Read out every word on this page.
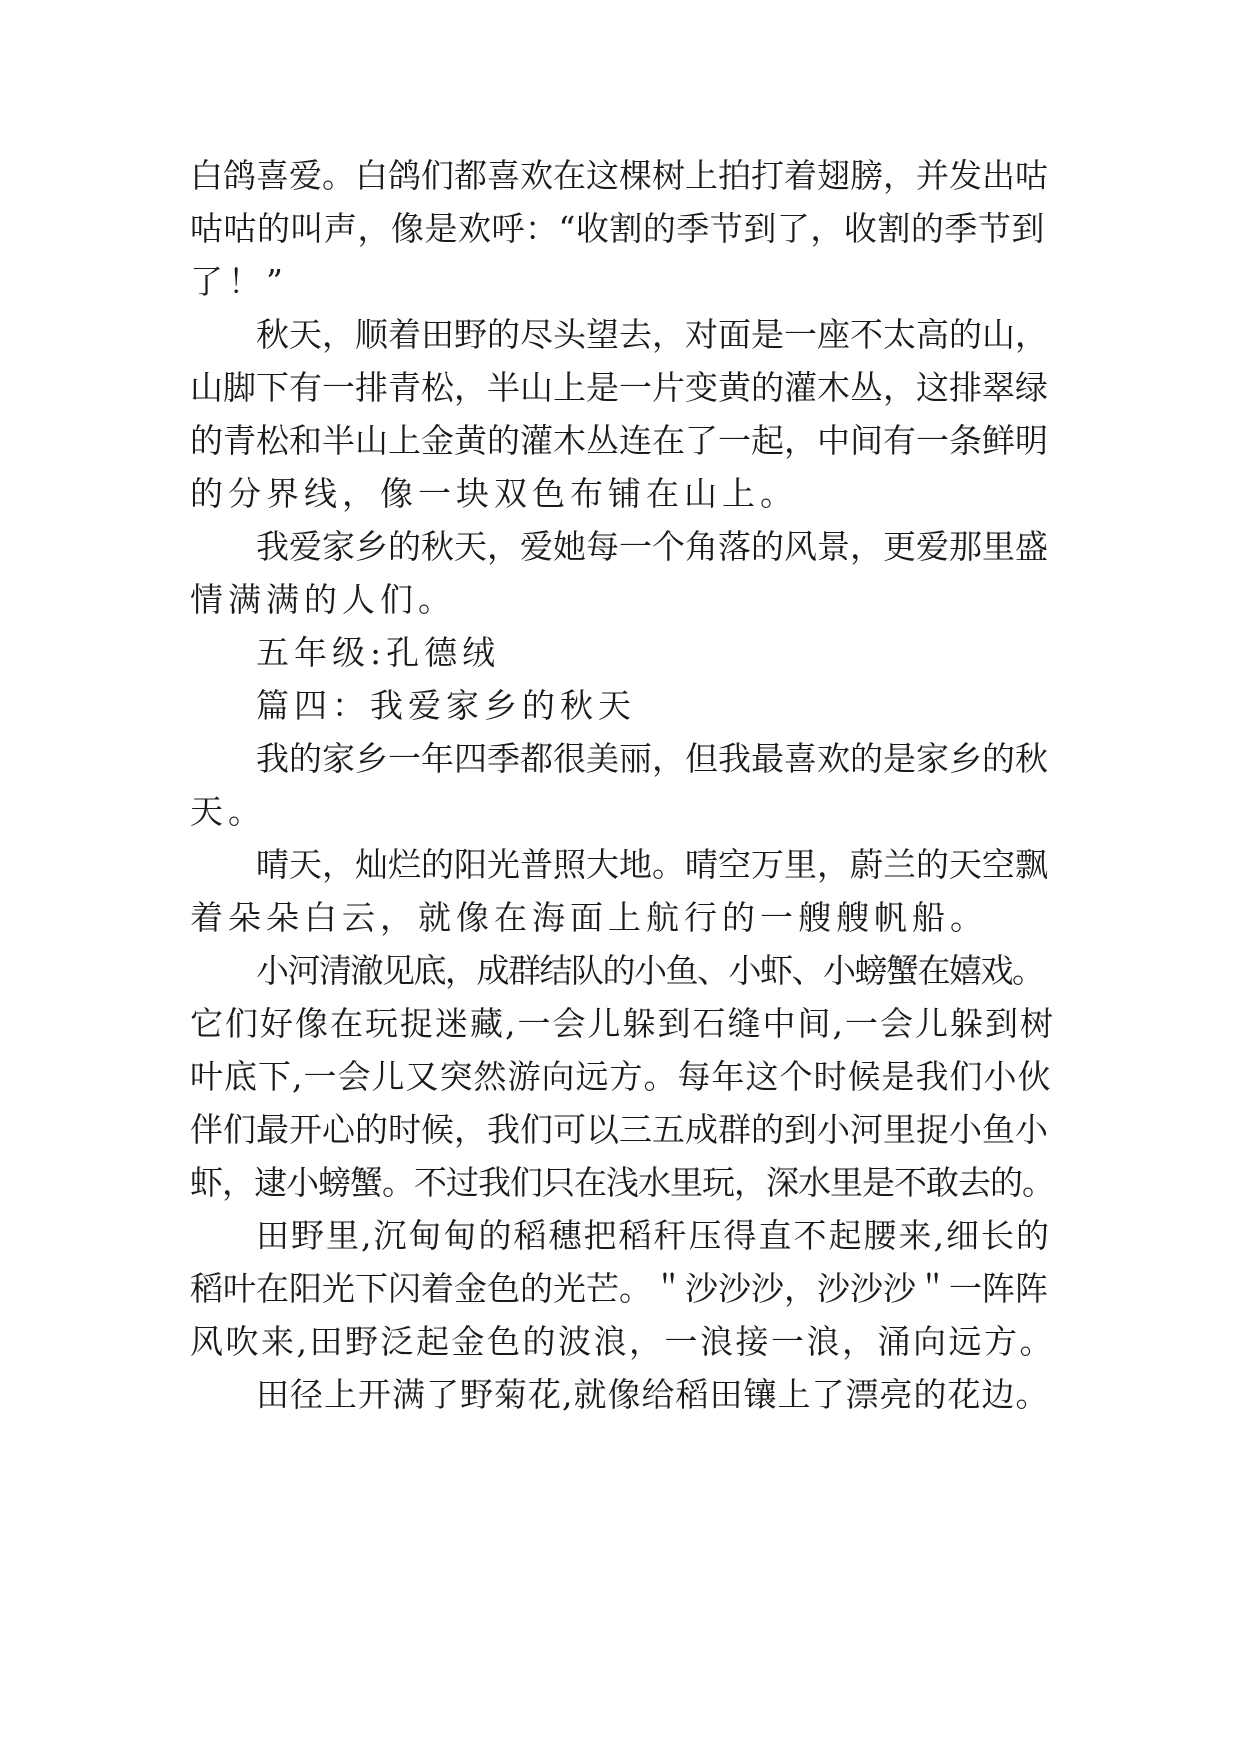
白鸽喜爱。白鸽们都喜欢在这棵树上拍打着翅膀，并发出咕
咕咕的叫声，像是欢呼：“收割的季节到了，收割的季节到
了！”
秋天，顺着田野的尽头望去，对面是一座不太高的山，
山脚下有一排青松，半山上是一片变黄的灌木丛，这排翠绿
的青松和半山上金黄的灌木丛连在了一起，中间有一条鲜明
的分界线，像一块双色布铺在山上。
我爱家乡的秋天，爱她每一个角落的风景，更爱那里盛
情满满的人们。
五年级:孔德绒
篇四：我爱家乡的秋天
我的家乡一年四季都很美丽，但我最喜欢的是家乡的秋
天。
晴天，灿烂的阳光普照大地。晴空万里，蔚兰的天空飘
着朵朵白云，就像在海面上航行的一艘艘帆船。
小河清澈见底，成群结队的小鱼、小虾、小螃蟹在嬉戏。
它们好像在玩捉迷藏,一会儿躲到石缝中间,一会儿躲到树
叶底下,一会儿又突然游向远方。每年这个时候是我们小伙
伴们最开心的时候，我们可以三五成群的到小河里捉小鱼小
虾，逮小螃蟹。不过我们只在浅水里玩，深水里是不敢去的。
田野里,沉甸甸的稻穗把稻秆压得直不起腰来,细长的
稻叶在阳光下闪着金色的光芒。＂沙沙沙，沙沙沙＂一阵阵
风吹来,田野泛起金色的波浪，一浪接一浪，涌向远方。
田径上开满了野菊花,就像给稻田镶上了漂亮的花边。
